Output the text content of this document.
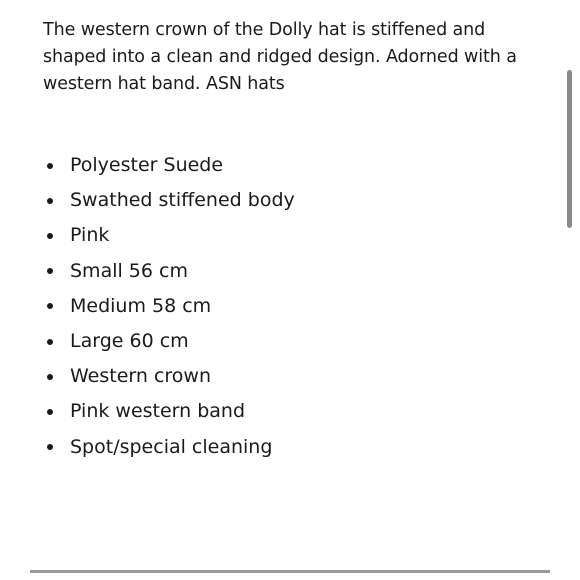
The western crown of the Dolly hat is stiffened and shaped into a clean and ridged design. Adorned with a western hat band. ASN hats

Polyester Suede
Swathed stiffened body
Pink
Small 56 cm
Medium 58 cm
Large 60 cm
Western crown
Pink western band
Spot/special cleaning
